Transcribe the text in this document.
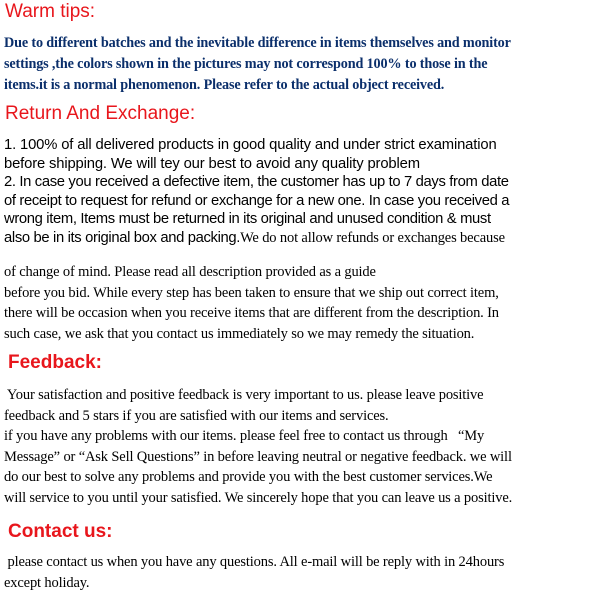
Warm tips:
Due to different batches and the inevitable difference in items themselves and monitor
settings ,the colors shown in the pictures may not correspond 100% to those in the
items.it is a normal phenomenon. Please refer to the actual object received.
Return And Exchange:
1. 100% of all delivered products in good quality and under strict examination
before shipping. We will tey our best to avoid any quality problem
2. In case you received a defective item, the customer has up to 7 days from date
of receipt to request for refund or exchange for a new one. In case you received a
wrong item, Items must be returned in its original and unused condition & must
also be in its original box and packing.We do not allow refunds or exchanges because
of change of mind. Please read all description provided as a guide
before you bid. While every step has been taken to ensure that we ship out correct item,
there will be occasion when you receive items that are different from the description. In
such case, we ask that you contact us immediately so we may remedy the situation.
Feedback:
Your satisfaction and positive feedback is very important to us. please leave positive
feedback and 5 stars if you are satisfied with our items and services.
if you have any problems with our items. please feel free to contact us through   “My
Message” or “Ask Sell Questions” in before leaving neutral or negative feedback. we will
do our best to solve any problems and provide you with the best customer services.We
will service to you until your satisfied. We sincerely hope that you can leave us a positive.
Contact us:
please contact us when you have any questions. All e-mail will be reply with in 24hours
except holiday.
